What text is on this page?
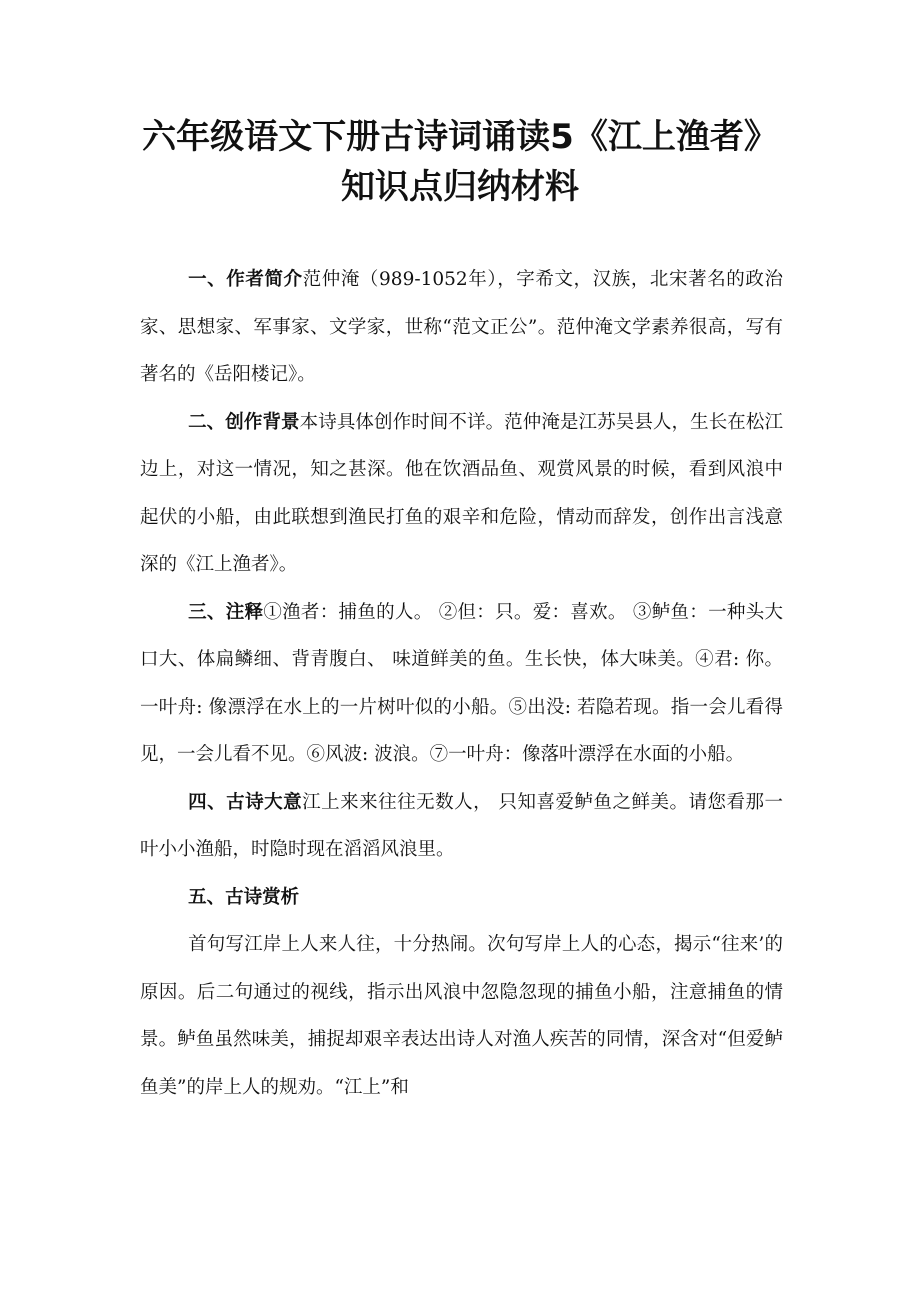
六年级语文下册古诗词诵读5《江上渔者》
知识点归纳材料

一、作者简介范仲淹（989-1052年），字希文，汉族，北宋著名的政治家、思想家、军事家、文学家，世称“范文正公”。范仲淹文学素养很高，写有著名的《岳阳楼记》。

二、创作背景本诗具体创作时间不详。范仲淹是江苏吴县人，生长在松江边上，对这一情况，知之甚深。他在饮酒品鱼、观赏风景的时候，看到风浪中起伏的小船，由此联想到渔民打鱼的艰辛和危险，情动而辞发，创作出言浅意深的《江上渔者》。

三、注释①渔者：捕鱼的人。 ②但：只。爱：喜欢。 ③鲈鱼：一种头大口大、体扁鳞细、背青腹白、 味道鲜美的鱼。生长快，体大味美。④君: 你。一叶舟: 像漂浮在水上的一片树叶似的小船。⑤出没: 若隐若现。指一会儿看得见，一会儿看不见。⑥风波: 波浪。⑦一叶舟：像落叶漂浮在水面的小船。

四、古诗大意江上来来往往无数人， 只知喜爱鲈鱼之鲜美。请您看那一叶小小渔船，时隐时现在滔滔风浪里。

五、古诗赏析

首句写江岸上人来人往，十分热闹。次句写岸上人的心态，揭示“往来’的原因。后二句通过的视线，指示出风浪中忽隐忽现的捕鱼小船，注意捕鱼的情景。鲈鱼虽然味美，捕捉却艰辛表达出诗人对渔人疾苦的同情，深含对“但爱鲈鱼美”的岸上人的规劝。“江上”和
